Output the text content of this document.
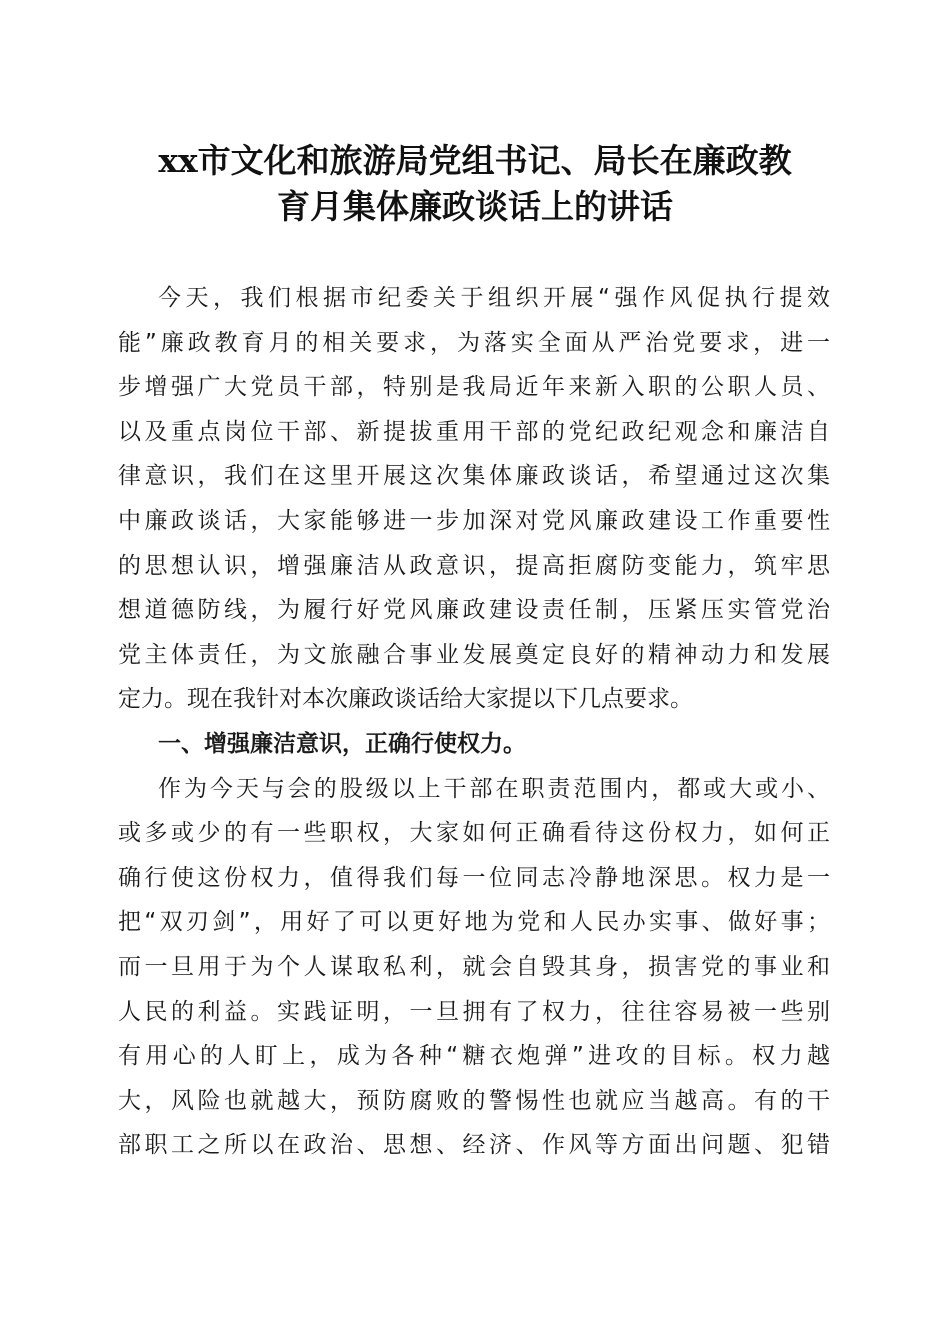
xx市文化和旅游局党组书记、局长在廉政教
育月集体廉政谈话上的讲话
今天，我们根据市纪委关于组织开展“强作风促执行提效
能”廉政教育月的相关要求，为落实全面从严治党要求，进一
步增强广大党员干部，特别是我局近年来新入职的公职人员、
以及重点岗位干部、新提拔重用干部的党纪政纪观念和廉洁自
律意识，我们在这里开展这次集体廉政谈话，希望通过这次集
中廉政谈话，大家能够进一步加深对党风廉政建设工作重要性
的思想认识，增强廉洁从政意识，提高拒腐防变能力，筑牢思
想道德防线，为履行好党风廉政建设责任制，压紧压实管党治
党主体责任，为文旅融合事业发展奠定良好的精神动力和发展
定力。现在我针对本次廉政谈话给大家提以下几点要求。
一、增强廉洁意识，正确行使权力。
作为今天与会的股级以上干部在职责范围内，都或大或小、
或多或少的有一些职权，大家如何正确看待这份权力，如何正
确行使这份权力，值得我们每一位同志冷静地深思。权力是一
把“双刃剑”，用好了可以更好地为党和人民办实事、做好事；
而一旦用于为个人谋取私利，就会自毁其身，损害党的事业和
人民的利益。实践证明，一旦拥有了权力，往往容易被一些别
有用心的人盯上，成为各种“糖衣炮弹”进攻的目标。权力越
大，风险也就越大，预防腐败的警惕性也就应当越高。有的干
部职工之所以在政治、思想、经济、作风等方面出问题、犯错
